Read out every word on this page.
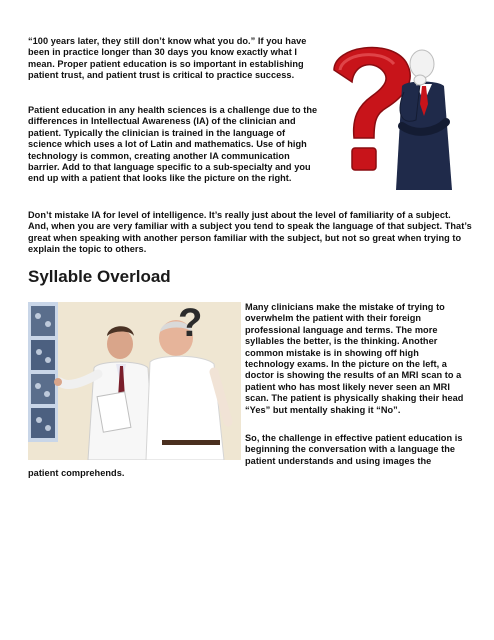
“100 years later, they still don’t know what you do.” If you have been in practice longer than 30 days you know exactly what I mean. Proper patient education is so important in establishing patient trust, and patient trust is critical to practice success.

Patient education in any health sciences is a challenge due to the differences in Intellectual Awareness (IA) of the clinician and patient. Typically the clinician is trained in the language of science which uses a lot of Latin and mathematics. Use of high technology is common, creating another IA communication barrier. Add to that language specific to a sub-specialty and you end up with a patient that looks like the picture on the right.

Don’t mistake IA for level of intelligence. It’s really just about the level of familiarity of a subject. And, when you are very familiar with a subject you tend to speak the language of that subject. That’s great when speaking with another person familiar with the subject, but not so great when trying to explain the topic to others.

Syllable Overload
?	Many clinicians make the mistake of trying to overwhelm the patient with their foreign professional language and terms. The more syllables the better, is the thinking. Another common mistake is in showing off high technology exams. In the picture on the left, a doctor is showing the results of an MRI scan to a patient who has most likely never seen an MRI scan. The patient is physically shaking their head “Yes” but mentally shaking it “No”.

So, the challenge in effective patient education is beginning the conversation with a language the patient understands and using images the

patient comprehends.
